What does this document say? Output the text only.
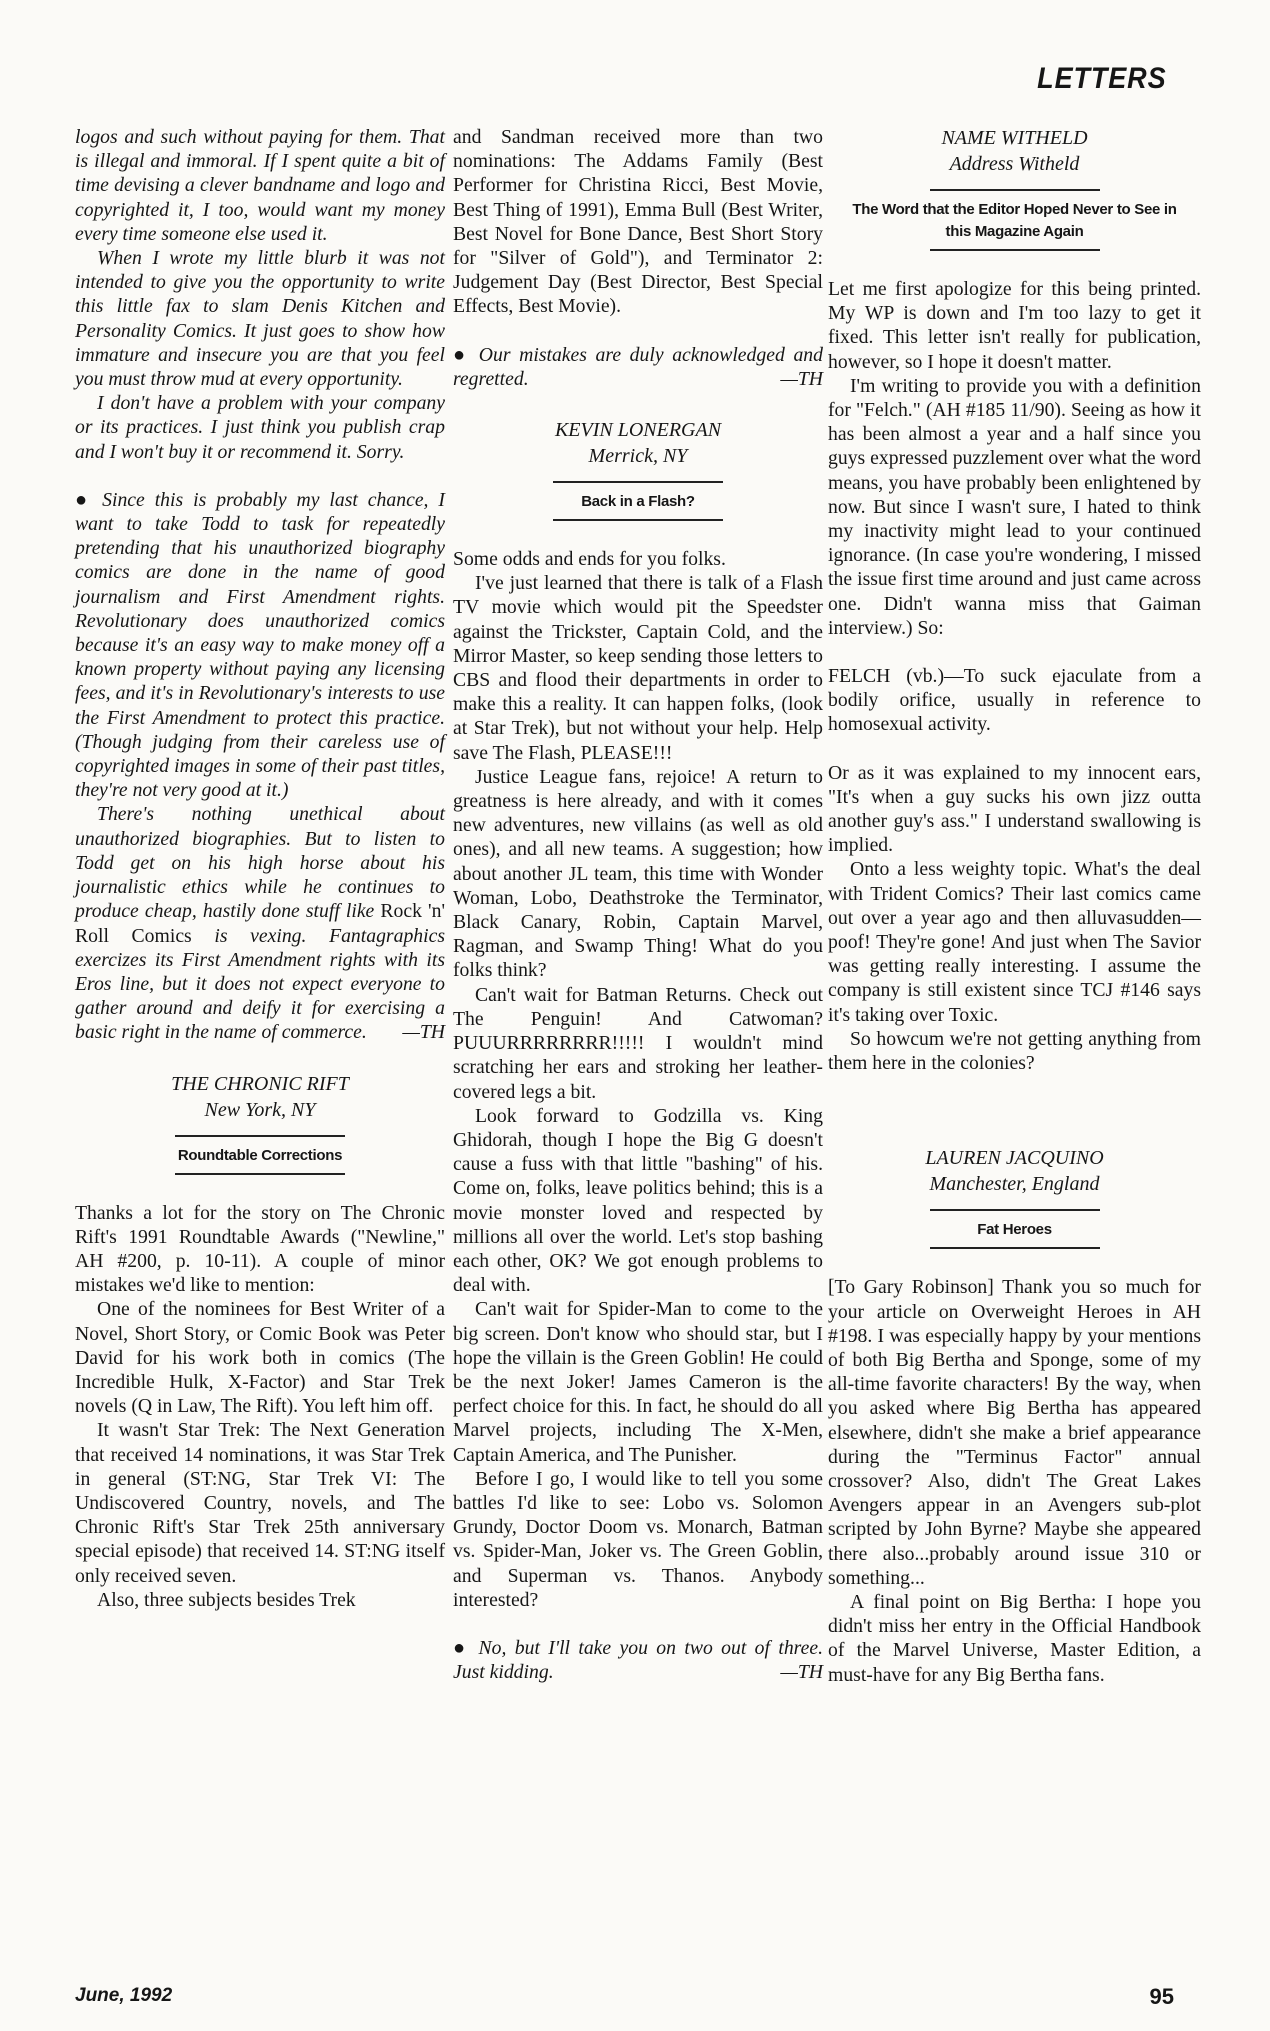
LETTERS

logos and such without paying for them. That is illegal and immoral. If I spent quite a bit of time devising a clever bandname and logo and copyrighted it, I too, would want my money every time someone else used it.

When I wrote my little blurb it was not intended to give you the opportunity to write this little fax to slam Denis Kitchen and Personality Comics. It just goes to show how immature and insecure you are that you feel you must throw mud at every opportunity.

I don't have a problem with your company or its practices. I just think you publish crap and I won't buy it or recommend it. Sorry.

● Since this is probably my last chance, I want to take Todd to task for repeatedly pretending that his unauthorized biography comics are done in the name of good journalism and First Amendment rights. Revolutionary does unauthorized comics because it's an easy way to make money off a known property without paying any licensing fees, and it's in Revolutionary's interests to use the First Amendment to protect this practice. (Though judging from their careless use of copyrighted images in some of their past titles, they're not very good at it.)

There's nothing unethical about unauthorized biographies. But to listen to Todd get on his high horse about his journalistic ethics while he continues to produce cheap, hastily done stuff like Rock 'n' Roll Comics is vexing. Fantagraphics exercizes its First Amendment rights with its Eros line, but it does not expect everyone to gather around and deify it for exercising a basic right in the name of commerce.	—TH

THE CHRONIC RIFT
New York, NY
Roundtable Corrections

Thanks a lot for the story on The Chronic Rift's 1991 Roundtable Awards ("Newline," AH #200, p. 10-11). A couple of minor mistakes we'd like to mention:

One of the nominees for Best Writer of a Novel, Short Story, or Comic Book was Peter David for his work both in comics (The Incredible Hulk, X-Factor) and Star Trek novels (Q in Law, The Rift). You left him off.

It wasn't Star Trek: The Next Generation that received 14 nominations, it was Star Trek in general (ST:NG, Star Trek VI: The Undiscovered Country, novels, and The Chronic Rift's Star Trek 25th anniversary special episode) that received 14. ST:NG itself only received seven.

Also, three subjects besides Trek

and Sandman received more than two nominations: The Addams Family (Best Performer for Christina Ricci, Best Movie, Best Thing of 1991), Emma Bull (Best Writer, Best Novel for Bone Dance, Best Short Story for "Silver of Gold"), and Terminator 2: Judgement Day (Best Director, Best Special Effects, Best Movie).

● Our mistakes are duly acknowledged and regretted.	—TH

KEVIN LONERGAN
Merrick, NY
Back in a Flash?

Some odds and ends for you folks.

I've just learned that there is talk of a Flash TV movie which would pit the Speedster against the Trickster, Captain Cold, and the Mirror Master, so keep sending those letters to CBS and flood their departments in order to make this a reality. It can happen folks, (look at Star Trek), but not without your help. Help save The Flash, PLEASE!!!

Justice League fans, rejoice! A return to greatness is here already, and with it comes new adventures, new villains (as well as old ones), and all new teams. A suggestion; how about another JL team, this time with Wonder Woman, Lobo, Deathstroke the Terminator, Black Canary, Robin, Captain Marvel, Ragman, and Swamp Thing! What do you folks think?

Can't wait for Batman Returns. Check out The Penguin! And Catwoman? PUUURRRRRRRR!!!!! I wouldn't mind scratching her ears and stroking her leather-covered legs a bit.

Look forward to Godzilla vs. King Ghidorah, though I hope the Big G doesn't cause a fuss with that little "bashing" of his. Come on, folks, leave politics behind; this is a movie monster loved and respected by millions all over the world. Let's stop bashing each other, OK? We got enough problems to deal with.

Can't wait for Spider-Man to come to the big screen. Don't know who should star, but I hope the villain is the Green Goblin! He could be the next Joker! James Cameron is the perfect choice for this. In fact, he should do all Marvel projects, including The X-Men, Captain America, and The Punisher.

Before I go, I would like to tell you some battles I'd like to see: Lobo vs. Solomon Grundy, Doctor Doom vs. Monarch, Batman vs. Spider-Man, Joker vs. The Green Goblin, and Superman vs. Thanos. Anybody interested?

● No, but I'll take you on two out of three. Just kidding.	—TH

NAME WITHELD
Address Witheld
The Word that the Editor Hoped Never to See in this Magazine Again

Let me first apologize for this being printed. My WP is down and I'm too lazy to get it fixed. This letter isn't really for publication, however, so I hope it doesn't matter.

I'm writing to provide you with a definition for "Felch." (AH #185 11/90). Seeing as how it has been almost a year and a half since you guys expressed puzzlement over what the word means, you have probably been enlightened by now. But since I wasn't sure, I hated to think my inactivity might lead to your continued ignorance. (In case you're wondering, I missed the issue first time around and just came across one. Didn't wanna miss that Gaiman interview.) So:

FELCH (vb.)—To suck ejaculate from a bodily orifice, usually in reference to homosexual activity.

Or as it was explained to my innocent ears, "It's when a guy sucks his own jizz outta another guy's ass." I understand swallowing is implied.

Onto a less weighty topic. What's the deal with Trident Comics? Their last comics came out over a year ago and then alluvasudden—poof! They're gone! And just when The Savior was getting really interesting. I assume the company is still existent since TCJ #146 says it's taking over Toxic.

So howcum we're not getting anything from them here in the colonies?

LAUREN JACQUINO
Manchester, England
Fat Heroes

[To Gary Robinson] Thank you so much for your article on Overweight Heroes in AH #198. I was especially happy by your mentions of both Big Bertha and Sponge, some of my all-time favorite characters! By the way, when you asked where Big Bertha has appeared elsewhere, didn't she make a brief appearance during the "Terminus Factor" annual crossover? Also, didn't The Great Lakes Avengers appear in an Avengers sub-plot scripted by John Byrne? Maybe she appeared there also...probably around issue 310 or something...

A final point on Big Bertha: I hope you didn't miss her entry in the Official Handbook of the Marvel Universe, Master Edition, a must-have for any Big Bertha fans.

June, 1992	95
